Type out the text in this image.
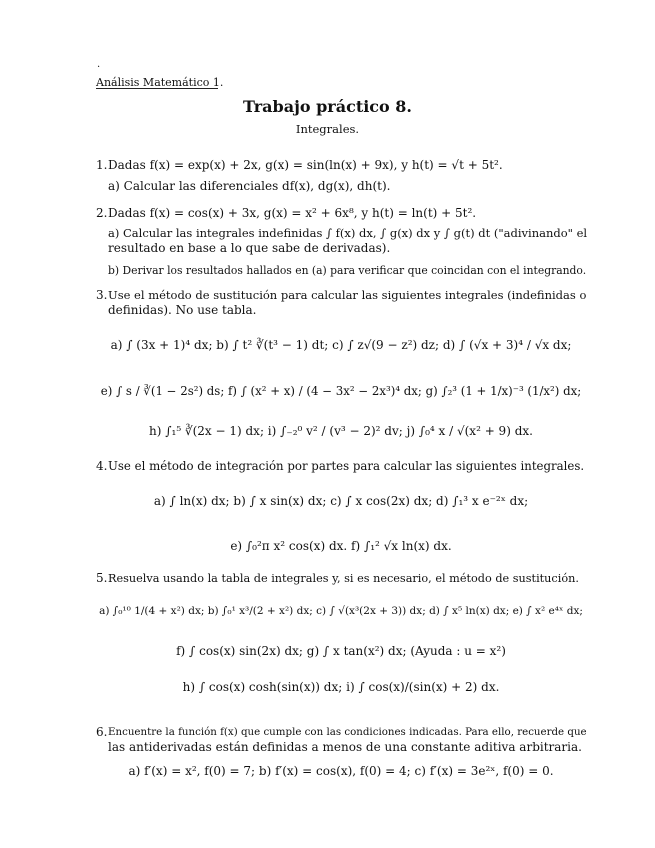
.
Análisis Matemático 1.
Trabajo práctico 8.
Integrales.
1. Dadas f(x) = exp(x) + 2x, g(x) = sin(ln(x) + 9x), y h(t) = √t + 5t².
a) Calcular las diferenciales df(x), dg(x), dh(t).
2. Dadas f(x) = cos(x) + 3x, g(x) = x² + 6x⁸, y h(t) = ln(t) + 5t².
a) Calcular las integrales indefinidas ∫ f(x) dx, ∫ g(x) dx y ∫ g(t) dt ("adivinando" el
resultado en base a lo que sabe de derivadas).
b) Derivar los resultados hallados en (a) para verificar que coincidan con el integrando.
3. Use el método de sustitución para calcular las siguientes integrales (indefinidas o
definidas). No use tabla.
a) ∫ (3x + 1)⁴ dx; b) ∫ t² ∛(t³ − 1) dt; c) ∫ z√(9 − z²) dz; d) ∫ (√x + 3)⁴ / √x dx;
e) ∫ s / ∛(1 − 2s²) ds; f) ∫ (x² + x) / (4 − 3x² − 2x³)⁴ dx; g) ∫₂³ (1 + 1/x)⁻³ (1/x²) dx;
h) ∫₁⁵ ∛(2x − 1) dx; i) ∫₋₂⁰ v² / (v³ − 2)² dv; j) ∫₀⁴ x / √(x² + 9) dx.
4. Use el método de integración por partes para calcular las siguientes integrales.
a) ∫ ln(x) dx; b) ∫ x sin(x) dx; c) ∫ x cos(2x) dx; d) ∫₁³ x e⁻²ˣ dx;
e) ∫₀²π x² cos(x) dx. f) ∫₁² √x ln(x) dx.
5. Resuelva usando la tabla de integrales y, si es necesario, el método de sustitución.
a) ∫₀¹⁰ 1/(4 + x²) dx; b) ∫₀¹ x³/(2 + x²) dx; c) ∫ √(x³(2x + 3)) dx; d) ∫ x⁵ ln(x) dx; e) ∫ x² e⁴ˣ dx;
f) ∫ cos(x) sin(2x) dx; g) ∫ x tan(x²) dx; (Ayuda : u = x²)
h) ∫ cos(x) cosh(sin(x)) dx; i) ∫ cos(x)/(sin(x) + 2) dx.
6. Encuentre la función f(x) que cumple con las condiciones indicadas. Para ello, recuerde que
las antiderivadas están definidas a menos de una constante aditiva arbitraria.
a) f′(x) = x², f(0) = 7; b) f′(x) = cos(x), f(0) = 4; c) f′(x) = 3e²ˣ, f(0) = 0.
